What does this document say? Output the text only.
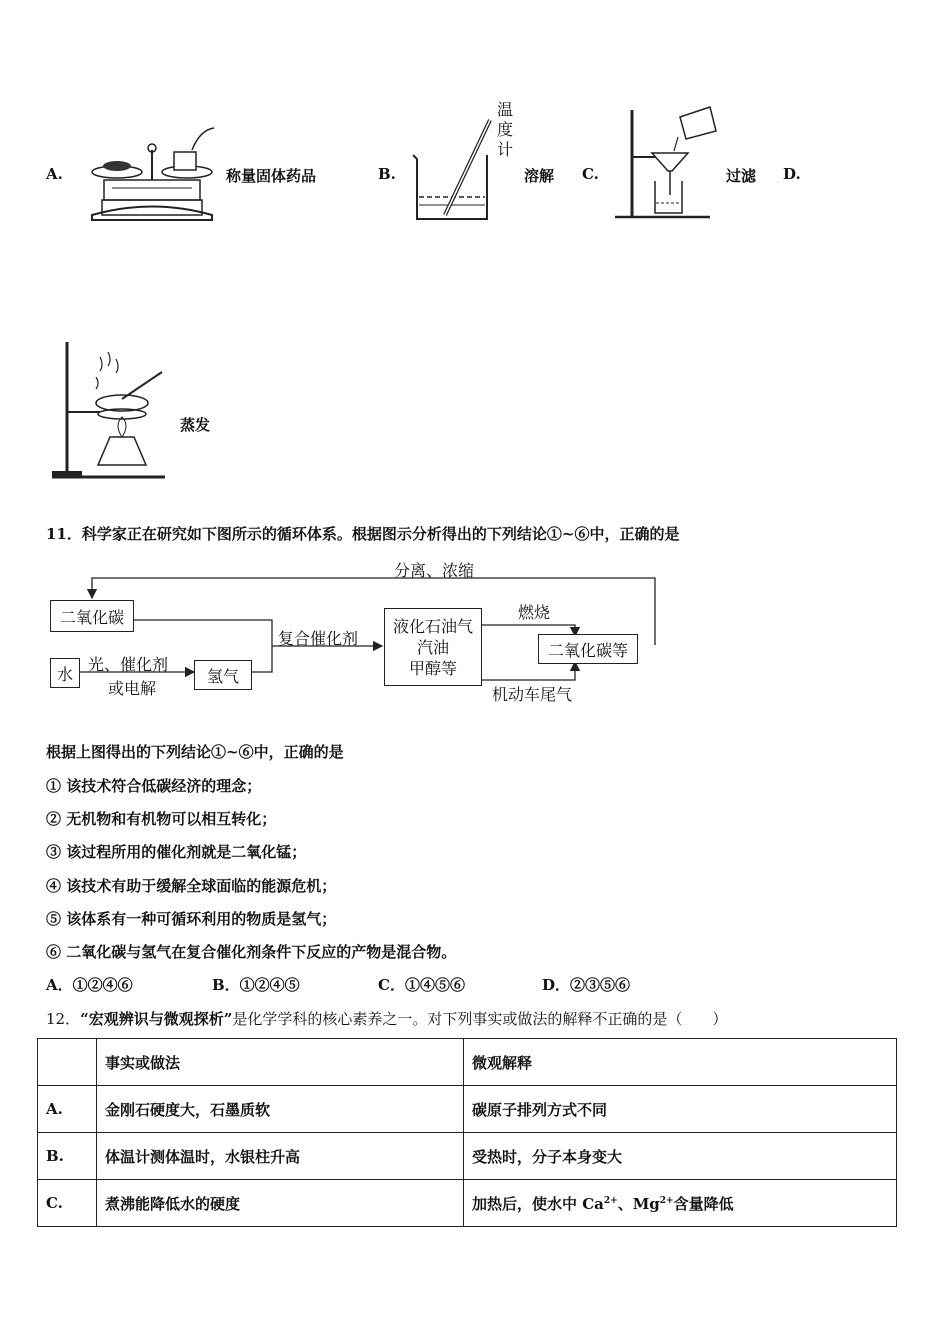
A.	称量固体药品	B.
温
度
计
溶解 C.	过滤 D.
蒸发
11．科学家正在研究如下图所示的循环体系。根据图示分析得出的下列结论①~⑥中，正确的是
分离、浓缩
二氧化碳
水 光、催化剂
或电解
氢气
复合催化剂
液化石油气
汽油
甲醇等
燃烧
二氧化碳等
机动车尾气
根据上图得出的下列结论①~⑥中，正确的是
① 该技术符合低碳经济的理念；
② 无机物和有机物可以相互转化；
③ 该过程所用的催化剂就是二氧化锰；
④ 该技术有助于缓解全球面临的能源危机；
⑤ 该体系有一种可循环利用的物质是氢气；
⑥ 二氧化碳与氢气在复合催化剂条件下反应的产物是混合物。
A．①②④⑥	B．①②④⑤	C．①④⑤⑥	D．②③⑤⑥
12．“宏观辨识与微观探析”是化学学科的核心素养之一。对下列事实或做法的解释不正确的是（　　）
	事实或做法	微观解释
A.	金刚石硬度大，石墨质软	碳原子排列方式不同
B.	体温计测体温时，水银柱升高	受热时，分子本身变大
C.	煮沸能降低水的硬度	加热后，使水中 $Ca^{2+}$、$Mg^{2+}$含量降低
